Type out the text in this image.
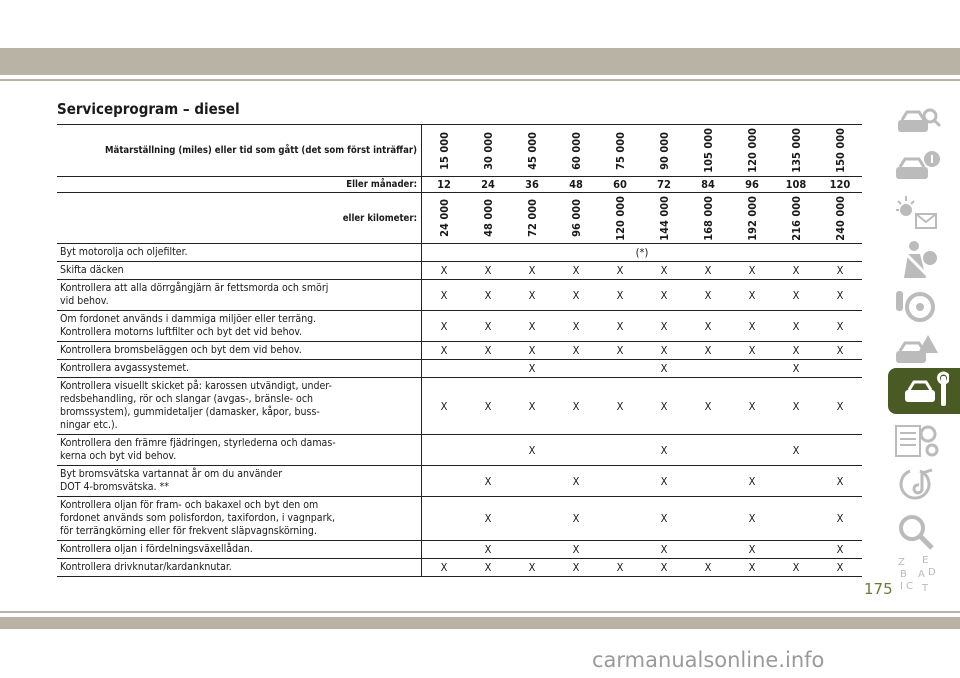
Serviceprogram – diesel
Mätarställning (miles) eller tid som gått (det som först inträffar)	15 000	30 000	45 000	60 000	75 000	90 000	105 000	120 000	135 000	150 000

Eller månader:	12	24	36	48	60	72	84	96	108	120
eller kilometer:	24 000	48 000	72 000	96 000	120 000	144 000	168 000	192 000	216 000	240 000

Byt motorolja och oljefilter.	(*)									

Skifta däcken	X	X	X	X	X	X	X	X	X	X

Kontrollera att alla dörrgångjärn är fettsmorda och smörj
vid behov.	X	X	X	X	X	X	X	X	X	X

Om fordonet används i dammiga miljöer eller terräng.
Kontrollera motorns luftfilter och byt det vid behov.	X	X	X	X	X	X	X	X	X	X

Kontrollera bromsbeläggen och byt dem vid behov.	X	X	X	X	X	X	X	X	X	X

Kontrollera avgassystemet.			X			X			X	

Kontrollera visuellt skicket på: karossen utvändigt, under-
redsbehandling, rör och slangar (avgas-, bränsle- och
bromssystem), gummidetaljer (damasker, kåpor, buss-
ningar etc.).	X	X	X	X	X	X	X	X	X	X

Kontrollera den främre fjädringen, styrlederna och damas-
kerna och byt vid behov.			X			X			X	

Byt bromsvätska vartannat år om du använder
DOT 4-bromsvätska. **		X		X		X		X		X

Kontrollera oljan för fram- och bakaxel och byt den om
fordonet används som polisfordon, taxifordon, i vagnpark,
för terrängkörning eller för frekvent släpvagnskörning.		X		X		X		X		X

Kontrollera oljan i fördelningsväxellådan.		X		X		X		X		X

Kontrollera drivknutar/kardanknutar.	X	X	X	X	X	X	X	X	X	X	Z E
B A
C
D
I T
175
carmanualsonline.info
